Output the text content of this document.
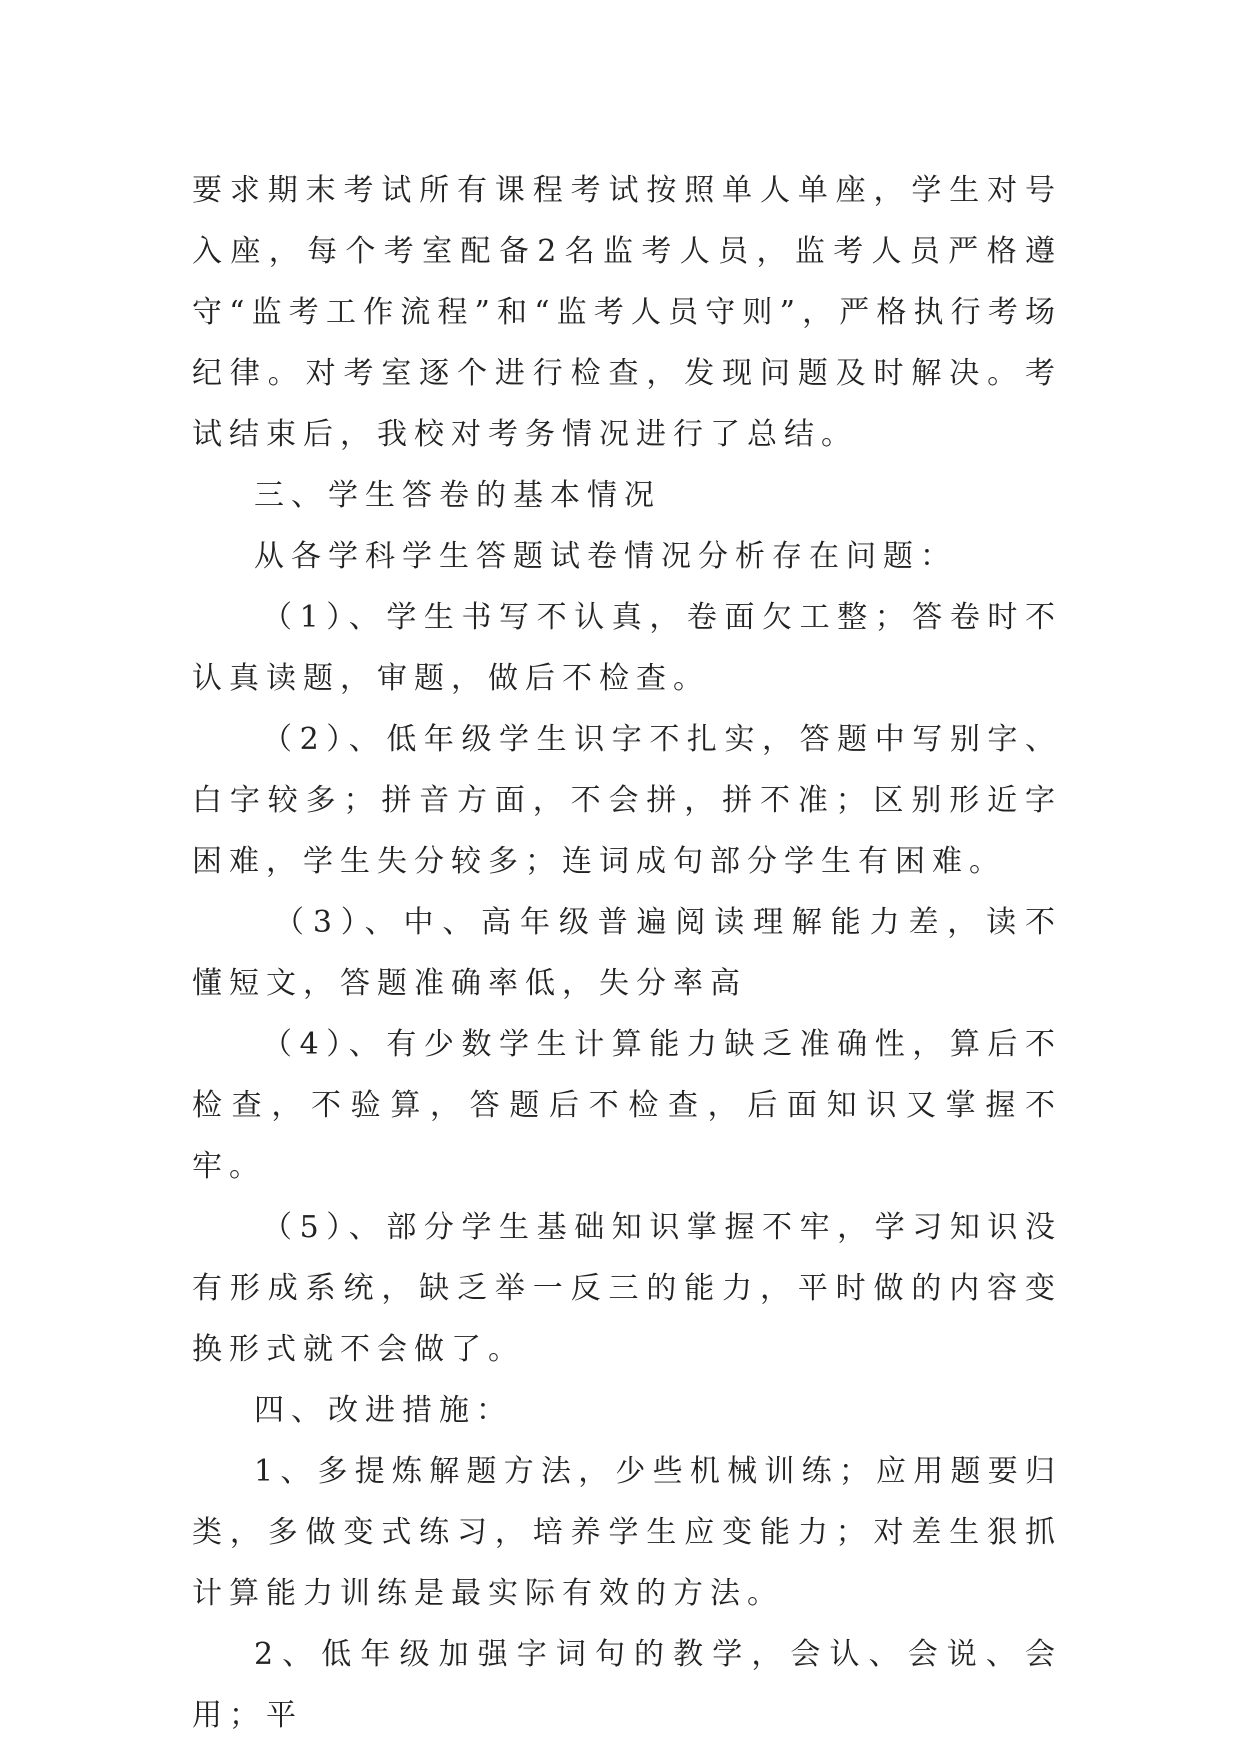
要求期末考试所有课程考试按照单人单座，学生对号入座，每个考室配备2名监考人员，监考人员严格遵守“监考工作流程”和“监考人员守则”，严格执行考场纪律。对考室逐个进行检查，发现问题及时解决。考试结束后，我校对考务情况进行了总结。

三、学生答卷的基本情况

从各学科学生答题试卷情况分析存在问题：

（1）、学生书写不认真，卷面欠工整；答卷时不认真读题，审题，做后不检查。

（2）、低年级学生识字不扎实，答题中写别字、白字较多；拼音方面，不会拼，拼不准；区别形近字困难，学生失分较多；连词成句部分学生有困难。

（3）、中、高年级普遍阅读理解能力差，读不懂短文，答题准确率低，失分率高

（4）、有少数学生计算能力缺乏准确性，算后不检查，不验算，答题后不检查，后面知识又掌握不牢。

（5）、部分学生基础知识掌握不牢，学习知识没有形成系统，缺乏举一反三的能力，平时做的内容变换形式就不会做了。

四、改进措施：

1、多提炼解题方法，少些机械训练；应用题要归类，多做变式练习，培养学生应变能力；对差生狠抓计算能力训练是最实际有效的方法。

2、低年级加强字词句的教学，会认、会说、会用；平
